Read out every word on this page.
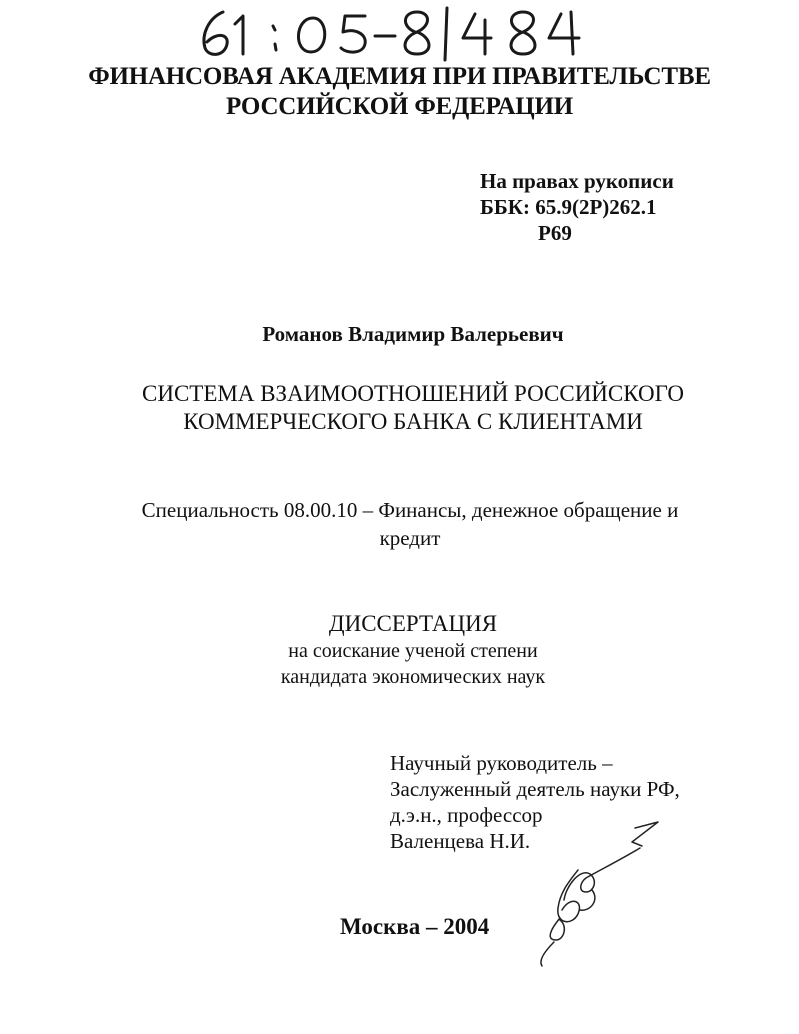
ФИНАНСОВАЯ АКАДЕМИЯ ПРИ ПРАВИТЕЛЬСТВЕ
РОССИЙСКОЙ ФЕДЕРАЦИИ
На правах рукописи
ББК: 65.9(2Р)262.1
Р69
Романов Владимир Валерьевич
СИСТЕМА ВЗАИМООТНОШЕНИЙ РОССИЙСКОГО
КОММЕРЧЕСКОГО БАНКА С КЛИЕНТАМИ
Специальность 08.00.10 – Финансы, денежное обращение и
кредит
ДИССЕРТАЦИЯ
на соискание ученой степени
кандидата экономических наук
Научный руководитель –
Заслуженный деятель науки РФ,
д.э.н., профессор
Валенцева Н.И.
Москва – 2004
